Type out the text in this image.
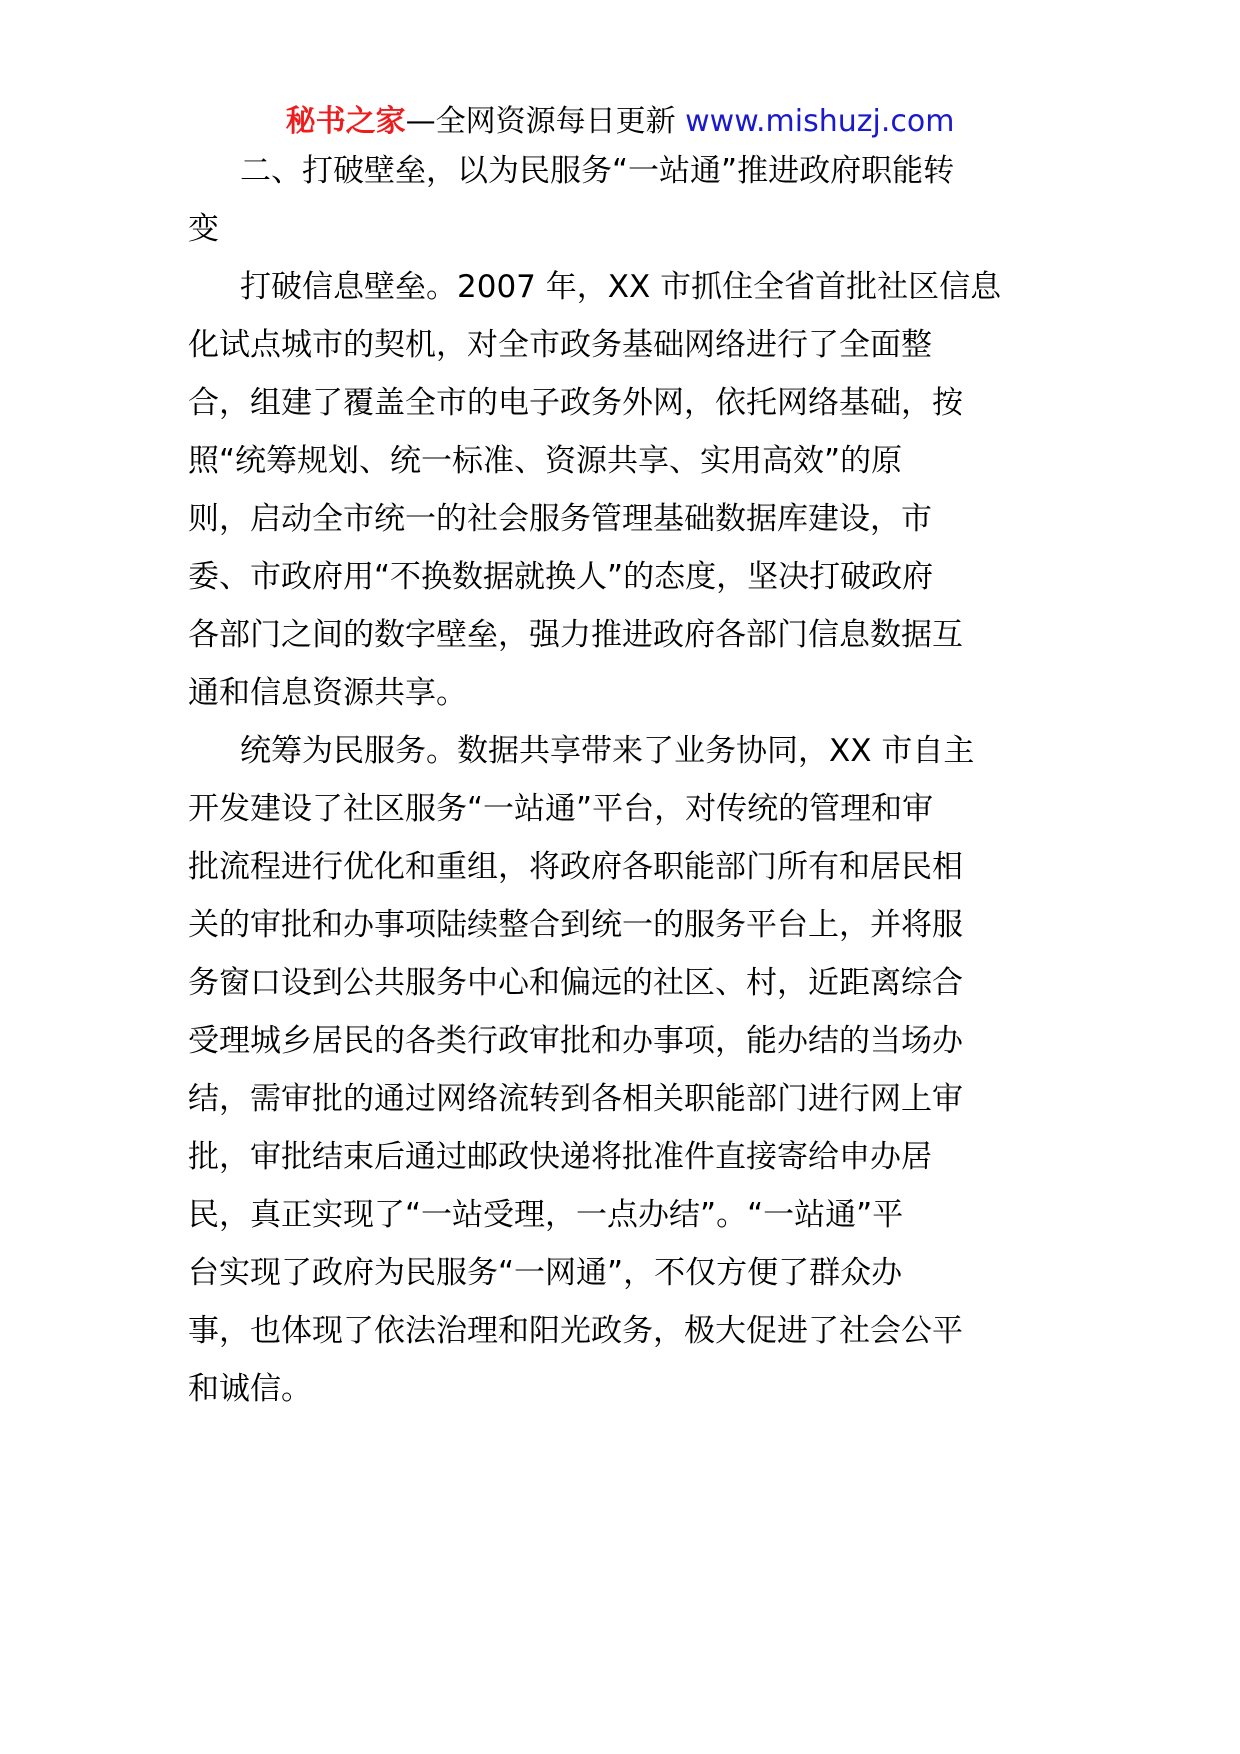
秘书之家—全网资源每日更新 www.mishuzj.com
二、打破壁垒，以为民服务“一站通”推进政府职能转
变
打破信息壁垒。2007 年，XX 市抓住全省首批社区信息
化试点城市的契机，对全市政务基础网络进行了全面整
合，组建了覆盖全市的电子政务外网，依托网络基础，按
照“统筹规划、统一标准、资源共享、实用高效”的原
则，启动全市统一的社会服务管理基础数据库建设，市
委、市政府用“不换数据就换人”的态度，坚决打破政府
各部门之间的数字壁垒，强力推进政府各部门信息数据互
通和信息资源共享。
统筹为民服务。数据共享带来了业务协同，XX 市自主
开发建设了社区服务“一站通”平台，对传统的管理和审
批流程进行优化和重组，将政府各职能部门所有和居民相
关的审批和办事项陆续整合到统一的服务平台上，并将服
务窗口设到公共服务中心和偏远的社区、村，近距离综合
受理城乡居民的各类行政审批和办事项，能办结的当场办
结，需审批的通过网络流转到各相关职能部门进行网上审
批，审批结束后通过邮政快递将批准件直接寄给申办居
民，真正实现了“一站受理，一点办结”。“一站通”平
台实现了政府为民服务“一网通”，不仅方便了群众办
事，也体现了依法治理和阳光政务，极大促进了社会公平
和诚信。
